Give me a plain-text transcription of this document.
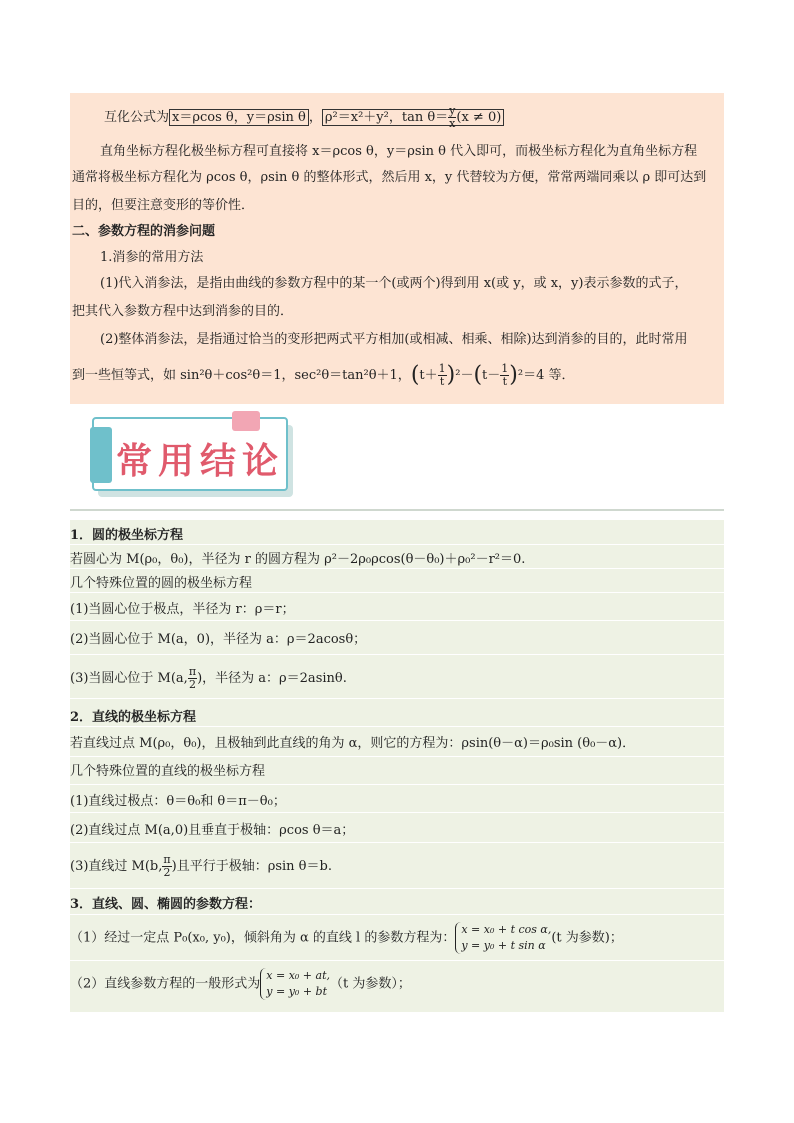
互化公式为 x＝ρcos θ，y＝ρsin θ ， ρ²＝x²＋y²，$\tan \theta= \frac{y}{x} (x \ne 0)$
直角坐标方程化极坐标方程可直接将 x＝ρcos θ，y＝ρsin θ 代入即可，而极坐标方程化为直角坐标方程
通常将极坐标方程化为 ρcos θ，ρsin θ 的整体形式，然后用 x，y 代替较为方便，常常两端同乘以 ρ 即可达到
目的，但要注意变形的等价性．
二、参数方程的消参问题
1.消参的常用方法
(1)代入消参法，是指由曲线的参数方程中的某一个(或两个)得到用 x(或 y，或 x，y)表示参数的式子，
把其代入参数方程中达到消参的目的．
(2)整体消参法，是指通过恰当的变形把两式平方相加(或相减、相乘、相除)达到消参的目的，此时常用
到一些恒等式，如 sin²θ＋cos²θ＝1，sec²θ＝tan²θ＋1，$(t+ \frac{1}{t} )^2-(t- \frac{1}{t} )^2=4$ 等．
常用结论
1．圆的极坐标方程
若圆心为 M(ρ₀，θ₀)，半径为 r 的圆方程为 ρ²－2ρ₀ρcos(θ－θ₀)＋ρ₀²－r²＝0.
几个特殊位置的圆的极坐标方程
(1)当圆心位于极点，半径为 r：ρ＝r；
(2)当圆心位于 M(a，0)，半径为 a：ρ＝2acosθ；
(3)当圆心位于 M(a, $\frac{\pi}{2}$ )，半径为 a：ρ＝2asinθ.
2．直线的极坐标方程
若直线过点 M(ρ₀，θ₀)，且极轴到此直线的角为 α，则它的方程为：ρsin(θ－α)＝ρ₀sin (θ₀－α)．
几个特殊位置的直线的极坐标方程
(1)直线过极点：θ＝θ₀和 θ＝π－θ₀；
(2)直线过点 M(a,0)且垂直于极轴：ρcos θ＝a；
(3)直线过 M(b, $\frac{\pi}{2}$ )且平行于极轴：ρsin θ＝b.
3．直线、圆、椭圆的参数方程：
（1）经过一定点 P₀(x₀, y₀)，倾斜角为 α 的直线 l 的参数方程为：
x = x₀ + t cos α,
y = y₀ + t sin α (t 为参数)；
（2）直线参数方程的一般形式为
x = x₀ + at,
y = y₀ + bt （t 为参数）；
